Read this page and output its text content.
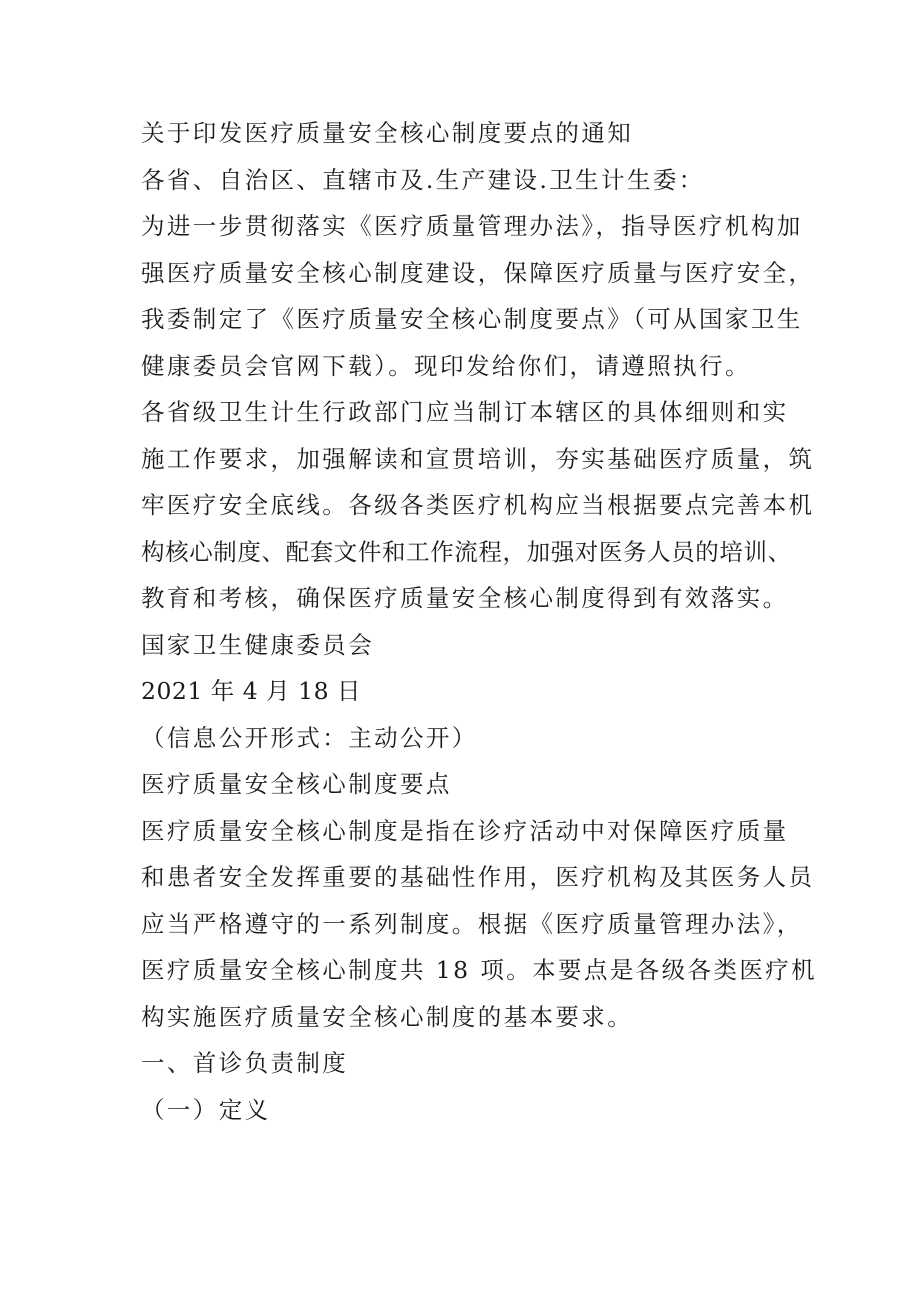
关于印发医疗质量安全核心制度要点的通知
各省、自治区、直辖市及.生产建设.卫生计生委：
为进一步贯彻落实《医疗质量管理办法》，指导医疗机构加
强医疗质量安全核心制度建设，保障医疗质量与医疗安全，
我委制定了《医疗质量安全核心制度要点》（可从国家卫生
健康委员会官网下载）。现印发给你们，请遵照执行。
各省级卫生计生行政部门应当制订本辖区的具体细则和实
施工作要求，加强解读和宣贯培训，夯实基础医疗质量，筑
牢医疗安全底线。各级各类医疗机构应当根据要点完善本机
构核心制度、配套文件和工作流程，加强对医务人员的培训、
教育和考核，确保医疗质量安全核心制度得到有效落实。
国家卫生健康委员会
2021 年 4 月 18 日
（信息公开形式：主动公开）
医疗质量安全核心制度要点
医疗质量安全核心制度是指在诊疗活动中对保障医疗质量
和患者安全发挥重要的基础性作用，医疗机构及其医务人员
应当严格遵守的一系列制度。根据《医疗质量管理办法》，
医疗质量安全核心制度共 18 项。本要点是各级各类医疗机
构实施医疗质量安全核心制度的基本要求。
一、首诊负责制度
（一）定义
